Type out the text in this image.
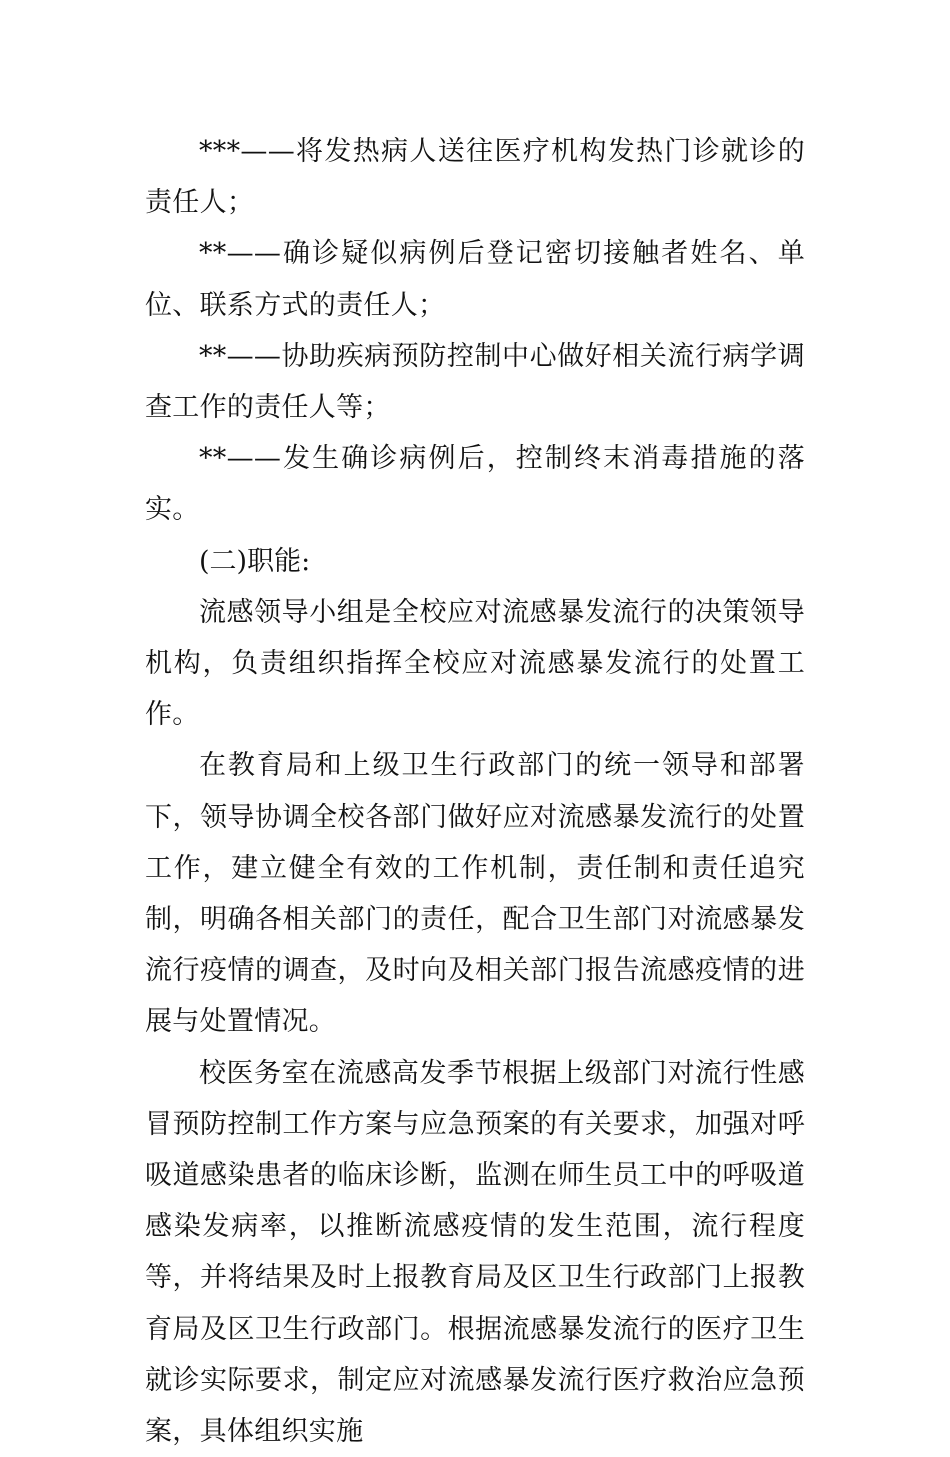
***——将发热病人送往医疗机构发热门诊就诊的责任人；

**——确诊疑似病例后登记密切接触者姓名、单位、联系方式的责任人；

**——协助疾病预防控制中心做好相关流行病学调查工作的责任人等；

**——发生确诊病例后，控制终末消毒措施的落实。

(二)职能:

流感领导小组是全校应对流感暴发流行的决策领导机构，负责组织指挥全校应对流感暴发流行的处置工作。

在教育局和上级卫生行政部门的统一领导和部署下，领导协调全校各部门做好应对流感暴发流行的处置工作，建立健全有效的工作机制，责任制和责任追究制，明确各相关部门的责任，配合卫生部门对流感暴发流行疫情的调查，及时向及相关部门报告流感疫情的进展与处置情况。

校医务室在流感高发季节根据上级部门对流行性感冒预防控制工作方案与应急预案的有关要求，加强对呼吸道感染患者的临床诊断，监测在师生员工中的呼吸道感染发病率，以推断流感疫情的发生范围，流行程度等，并将结果及时上报教育局及区卫生行政部门上报教育局及区卫生行政部门。根据流感暴发流行的医疗卫生就诊实际要求，制定应对流感暴发流行医疗救治应急预案，具体组织实施
